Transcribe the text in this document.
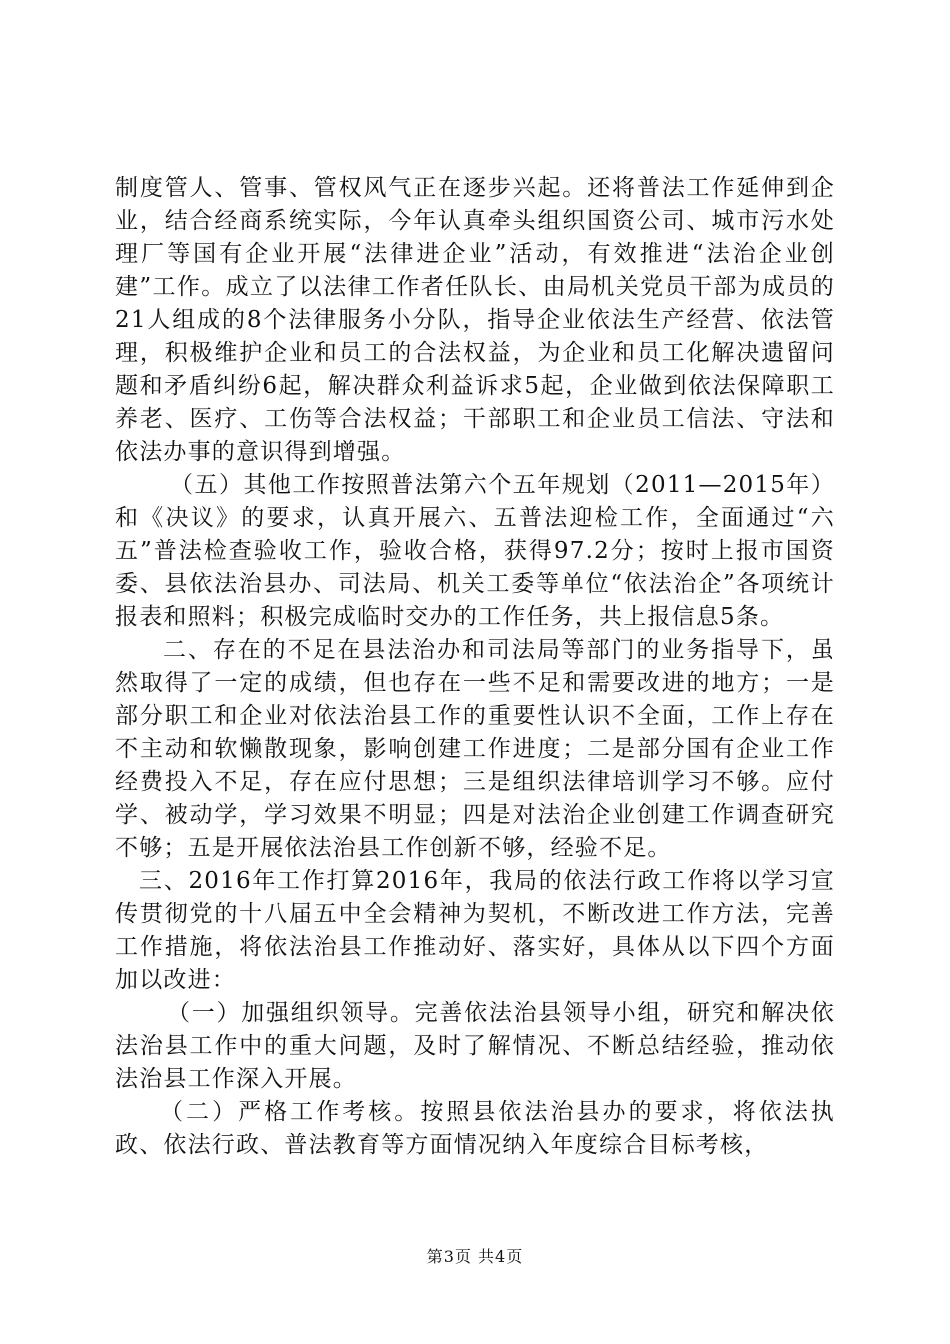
制度管人、管事、管权风气正在逐步兴起。还将普法工作延伸到企业，结合经商系统实际，今年认真牵头组织国资公司、城市污水处理厂等国有企业开展“法律进企业”活动，有效推进“法治企业创建”工作。成立了以法律工作者任队长、由局机关党员干部为成员的21人组成的8个法律服务小分队，指导企业依法生产经营、依法管理，积极维护企业和员工的合法权益，为企业和员工化解决遗留问题和矛盾纠纷6起，解决群众利益诉求5起，企业做到依法保障职工养老、医疗、工伤等合法权益；干部职工和企业员工信法、守法和依法办事的意识得到增强。

（五）其他工作按照普法第六个五年规划（2011—2015年）和《决议》的要求，认真开展六、五普法迎检工作，全面通过“六五”普法检查验收工作，验收合格，获得97.2分；按时上报市国资委、县依法治县办、司法局、机关工委等单位“依法治企”各项统计报表和照料；积极完成临时交办的工作任务，共上报信息5条。

二、存在的不足在县法治办和司法局等部门的业务指导下，虽然取得了一定的成绩，但也存在一些不足和需要改进的地方；一是部分职工和企业对依法治县工作的重要性认识不全面，工作上存在不主动和软懒散现象，影响创建工作进度；二是部分国有企业工作经费投入不足，存在应付思想；三是组织法律培训学习不够。应付学、被动学，学习效果不明显；四是对法治企业创建工作调查研究不够；五是开展依法治县工作创新不够，经验不足。

三、2016年工作打算2016年，我局的依法行政工作将以学习宣传贯彻党的十八届五中全会精神为契机，不断改进工作方法，完善工作措施，将依法治县工作推动好、落实好，具体从以下四个方面加以改进：

（一）加强组织领导。完善依法治县领导小组，研究和解决依法治县工作中的重大问题，及时了解情况、不断总结经验，推动依法治县工作深入开展。

（二）严格工作考核。按照县依法治县办的要求，将依法执政、依法行政、普法教育等方面情况纳入年度综合目标考核，

第3页 共4页
